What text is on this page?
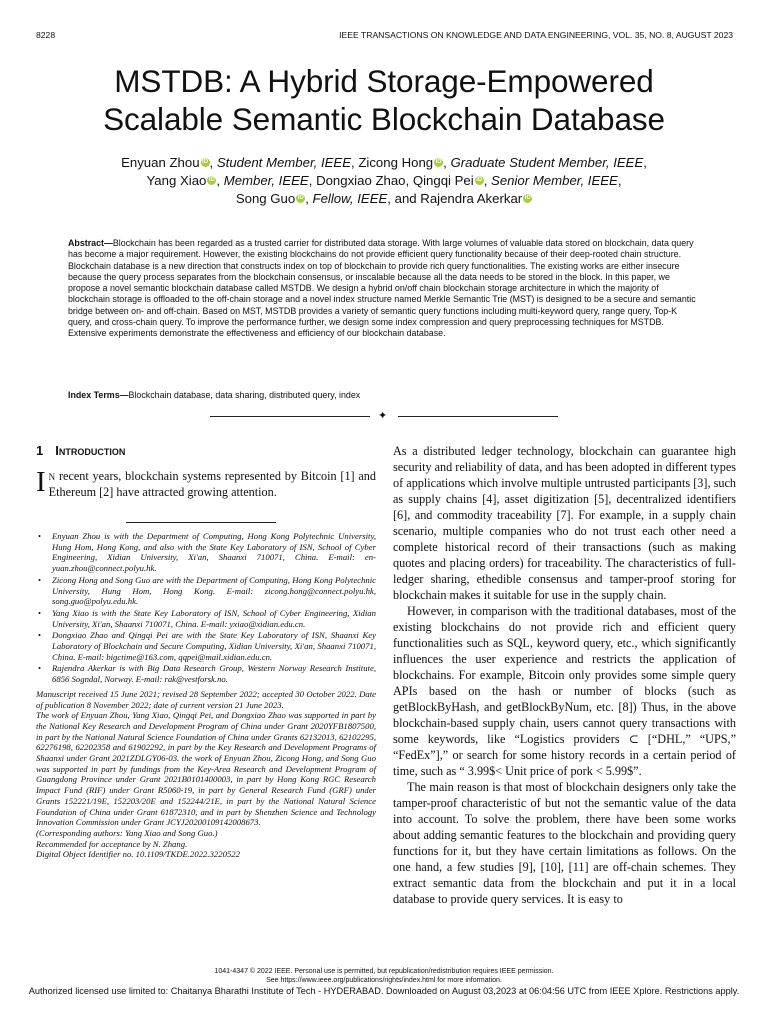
8228	IEEE TRANSACTIONS ON KNOWLEDGE AND DATA ENGINEERING, VOL. 35, NO. 8, AUGUST 2023
MSTDB: A Hybrid Storage-Empowered
Scalable Semantic Blockchain Database
Enyuan Zhou iD , Student Member, IEEE, Zicong Hong iD , Graduate Student Member, IEEE,
Yang Xiao iD , Member, IEEE, Dongxiao Zhao, Qingqi Pei iD , Senior Member, IEEE,
Song Guo iD , Fellow, IEEE, and Rajendra Akerkar iD

Abstract—Blockchain has been regarded as a trusted carrier for distributed data storage. With large volumes of valuable data stored on blockchain, data query has become a major requirement. However, the existing blockchains do not provide efficient query functionality because of their deep-rooted chain structure. Blockchain database is a new direction that constructs index on top of blockchain to provide rich query functionalities. The existing works are either insecure because the query process separates from the blockchain consensus, or inscalable because all the data needs to be stored in the block. In this paper, we propose a novel semantic blockchain database called MSTDB. We design a hybrid on/off chain blockchain storage architecture in which the majority of blockchain storage is offloaded to the off-chain storage and a novel index structure named Merkle Semantic Trie (MST) is designed to be a secure and semantic bridge between on- and off-chain. Based on MST, MSTDB provides a variety of semantic query functions including multi-keyword query, range query, Top-K query, and cross-chain query. To improve the performance further, we design some index compression and query preprocessing techniques for MSTDB. Extensive experiments demonstrate the effectiveness and efficiency of our blockchain database.

Index Terms—Blockchain database, data sharing, distributed query, index

✦
1 Introduction

In recent years, blockchain systems represented by Bitcoin [1] and Ethereum [2] have attracted growing attention.

• Enyuan Zhou is with the Department of Computing, Hong Kong Polytechnic University, Hung Hom, Hong Kong, and also with the State Key Laboratory of ISN, School of Cyber Engineering, Xidian University, Xi'an, Shaanxi 710071, China. E-mail: en-yuan.zhou@connect.polyu.hk.
• Zicong Hong and Song Guo are with the Department of Computing, Hong Kong Polytechnic University, Hung Hom, Hong Kong. E-mail: zicong.hong@connect.polyu.hk, song.guo@polyu.edu.hk.
• Yang Xiao is with the State Key Laboratory of ISN, School of Cyber Engineering, Xidian University, Xi'an, Shaanxi 710071, China. E-mail: yxiao@xidian.edu.cn.
• Dongxiao Zhao and Qingqi Pei are with the State Key Laboratory of ISN, Shaanxi Key Laboratory of Blockchain and Secure Computing, Xidian University, Xi'an, Shaanxi 710071, China. E-mail: bigctime@163.com, qqpei@mail.xidian.edu.cn.
• Rajendra Akerkar is with Big Data Research Group, Western Norway Research Institute, 6856 Sogndal, Norway. E-mail: rak@vestforsk.no.

Manuscript received 15 June 2021; revised 28 September 2022; accepted 30 October 2022. Date of publication 8 November 2022; date of current version 21 June 2023.

The work of Enyuan Zhou, Yang Xiao, Qingqi Pei, and Dongxiao Zhao was supported in part by the National Key Research and Development Program of China under Grant 2020YFB1807500, in part by the National Natural Science Foundation of China under Grants 62132013, 62102295, 62276198, 62202358 and 61902292, in part by the Key Research and Development Programs of Shaanxi under Grant 2021ZDLGY06-03. the work of Enyuan Zhou, Zicong Hong, and Song Guo was supported in part by fundings from the Key-Area Research and Development Program of Guangdong Province under Grant 2021B0101400003, in part by Hong Kong RGC Research Impact Fund (RIF) under Grant R5060-19, in part by General Research Fund (GRF) under Grants 152221/19E, 152203/20E and 152244/21E, in part by the National Natural Science Foundation of China under Grant 61872310, and in part by Shenzhen Science and Technology Innovation Commission under Grant JCYJ20200109142008673.

(Corresponding authors: Yang Xiao and Song Guo.)

Recommended for acceptance by N. Zhang.

Digital Object Identifier no. 10.1109/TKDE.2022.3220522

As a distributed ledger technology, blockchain can guarantee high security and reliability of data, and has been adopted in different types of applications which involve multiple untrusted participants [3], such as supply chains [4], asset digitization [5], decentralized identifiers [6], and commodity traceability [7]. For example, in a supply chain scenario, multiple companies who do not trust each other need a complete historical record of their transactions (such as making quotes and placing orders) for traceability. The characteristics of full-ledger sharing, ethedible consensus and tamper-proof storing for blockchain makes it suitable for use in the supply chain.

However, in comparison with the traditional databases, most of the existing blockchains do not provide rich and efficient query functionalities such as SQL, keyword query, etc., which significantly influences the user experience and restricts the application of blockchains. For example, Bitcoin only provides some simple query APIs based on the hash or number of blocks (such as getBlockByHash, and getBlockByNum, etc. [8]) Thus, in the above blockchain-based supply chain, users cannot query transactions with some keywords, like “Logistics providers ⊂ [“DHL,” “UPS,” “FedEx”],” or search for some history records in a certain period of time, such as “ 3.99$< Unit price of pork < 5.99$”.

The main reason is that most of blockchain designers only take the tamper-proof characteristic of but not the semantic value of the data into account. To solve the problem, there have been some works about adding semantic features to the blockchain and providing query functions for it, but they have certain limitations as follows. On the one hand, a few studies [9], [10], [11] are off-chain schemes. They extract semantic data from the blockchain and put it in a local database to provide query services. It is easy to

1041-4347 © 2022 IEEE. Personal use is permitted, but republication/redistribution requires IEEE permission.
See https://www.ieee.org/publications/rights/index.html for more information.
Authorized licensed use limited to: Chaitanya Bharathi Institute of Tech - HYDERABAD. Downloaded on August 03,2023 at 06:04:56 UTC from IEEE Xplore. Restrictions apply.
